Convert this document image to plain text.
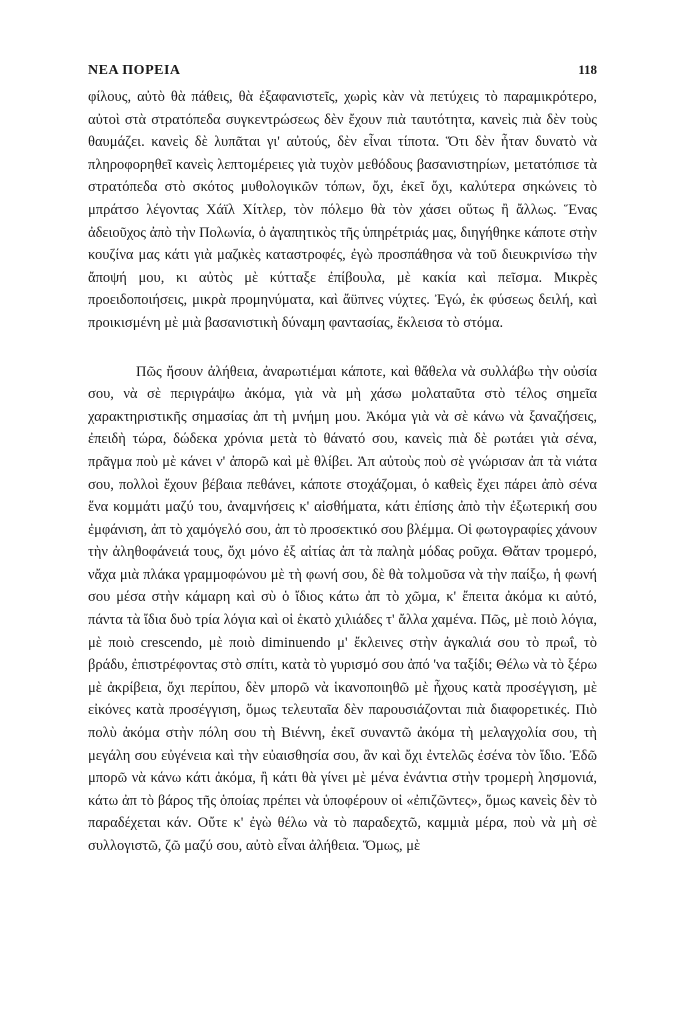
ΝΕΑ ΠΟΡΕΙΑ	118

φίλους, αὐτὸ θὰ πάθεις, θὰ ἐξαφανιστεῖς, χωρὶς κὰν νὰ πετύχεις τὸ παραμικρότερο, αὐτοὶ στὰ στρατόπεδα συγκεντρώσεως δὲν ἔχουν πιὰ ταυτότητα, κανεὶς πιὰ δὲν τοὺς θαυμάζει. κανεὶς δὲ λυπᾶται γι' αὐτούς, δὲν εἶναι τίποτα. Ὅτι δὲν ἦταν δυνατὸ νὰ πληροφορηθεῖ κανεὶς λεπτομέρειες γιὰ τυχὸν μεθόδους βασανιστηρίων, μετατόπισε τὰ στρατόπεδα στὸ σκότος μυθολογικῶν τόπων, ὄχι, ἐκεῖ ὄχι, καλύτερα σηκώνεις τὸ μπράτσο λέγοντας Χάϊλ Χίτλερ, τὸν πόλεμο θὰ τὸν χάσει οὕτως ἢ ἄλλως. Ἕνας ἀδειοῦχος ἀπὸ τὴν Πολωνία, ὁ ἀγαπητικὸς τῆς ὑπηρέτριάς μας, διηγήθηκε κάποτε στὴν κουζίνα μας κάτι γιὰ μαζικὲς καταστροφές, ἐγὼ προσπάθησα νὰ τοῦ διευκρινίσω τὴν ἄποψή μου, κι αὐτὸς μὲ κύτταξε ἐπίβουλα, μὲ κακία καὶ πεῖσμα. Μικρὲς προειδοποιήσεις, μικρὰ προμηνύματα, καὶ ἄϋπνες νύχτες. Ἐγώ, ἐκ φύσεως δειλή, καὶ προικισμένη μὲ μιὰ βασανιστικὴ δύναμη φαντασίας, ἔκλεισα τὸ στόμα.

Πῶς ἤσουν ἀλήθεια, ἀναρωτιέμαι κάποτε, καὶ θἄθελα νὰ συλλάβω τὴν οὐσία σου, νὰ σὲ περιγράψω ἀκόμα, γιὰ νὰ μὴ χάσω μολαταῦτα στὸ τέλος σημεῖα χαρακτηριστικῆς σημασίας ἀπ τὴ μνήμη μου. Ἀκόμα γιὰ νὰ σὲ κάνω νὰ ξαναζήσεις, ἐπειδὴ τώρα, δώδεκα χρόνια μετὰ τὸ θάνατό σου, κανεὶς πιὰ δὲ ρωτάει γιὰ σένα, πρᾶγμα ποὺ μὲ κάνει ν' ἀπορῶ καὶ μὲ θλίβει. Ἀπ αὐτοὺς ποὺ σὲ γνώρισαν ἀπ τὰ νιάτα σου, πολλοὶ ἔχουν βέβαια πεθάνει, κάποτε στοχάζομαι, ὁ καθεὶς ἔχει πάρει ἀπὸ σένα ἕνα κομμάτι μαζύ του, ἀναμνήσεις κ' αἰσθήματα, κάτι ἐπίσης ἀπὸ τὴν ἐξωτερική σου ἐμφάνιση, ἀπ τὸ χαμόγελό σου, ἀπ τὸ προσεκτικό σου βλέμμα. Οἱ φωτογραφίες χάνουν τὴν ἀληθοφάνειά τους, ὄχι μόνο ἐξ αἰτίας ἀπ τὰ παληὰ μόδας ροῦχα. Θἄταν τρομερό, νἄχα μιὰ πλάκα γραμμοφώνου μὲ τὴ φωνή σου, δὲ θὰ τολμοῦσα νὰ τὴν παίξω, ἡ φωνή σου μέσα στὴν κάμαρη καὶ σὺ ὁ ἴδιος κάτω ἀπ τὸ χῶμα, κ' ἔπειτα ἀκόμα κι αὐτό, πάντα τὰ ἴδια δυὸ τρία λόγια καὶ οἱ ἑκατὸ χιλιάδες τ' ἄλλα χαμένα. Πῶς, μὲ ποιὸ λόγια, μὲ ποιὸ crescendo, μὲ ποιὸ diminuendo μ' ἔκλεινες στὴν ἀγκαλιά σου τὸ πρωΐ, τὸ βράδυ, ἐπιστρέφοντας στὸ σπίτι, κατὰ τὸ γυρισμό σου ἀπό 'να ταξίδι; Θέλω νὰ τὸ ξέρω μὲ ἀκρίβεια, ὄχι περίπου, δὲν μπορῶ νὰ ἱκανοποιηθῶ μὲ ἦχους κατὰ προσέγγιση, μὲ εἰκόνες κατὰ προσέγγιση, ὅμως τελευταῖα δὲν παρουσιάζονται πιὰ διαφορετικές. Πιὸ πολὺ ἀκόμα στὴν πόλη σου τὴ Βιέννη, ἐκεῖ συναντῶ ἀκόμα τὴ μελαγχολία σου, τὴ μεγάλη σου εὐγένεια καὶ τὴν εὐαισθησία σου, ἂν καὶ ὄχι ἐντελῶς ἐσένα τὸν ἴδιο. Ἐδῶ μπορῶ νὰ κάνω κάτι ἀκόμα, ἢ κάτι θὰ γίνει μὲ μένα ἐνάντια στὴν τρομερὴ λησμονιά, κάτω ἀπ τὸ βάρος τῆς ὁποίας πρέπει νὰ ὑποφέρουν οἱ «ἐπιζῶντες», ὅμως κανεὶς δὲν τὸ παραδέχεται κάν. Οὔτε κ' ἐγὼ θέλω νὰ τὸ παραδεχτῶ, καμμιὰ μέρα, ποὺ νὰ μὴ σὲ συλλογιστῶ, ζῶ μαζύ σου, αὐτὸ εἶναι ἀλήθεια. Ὅμως, μὲ
